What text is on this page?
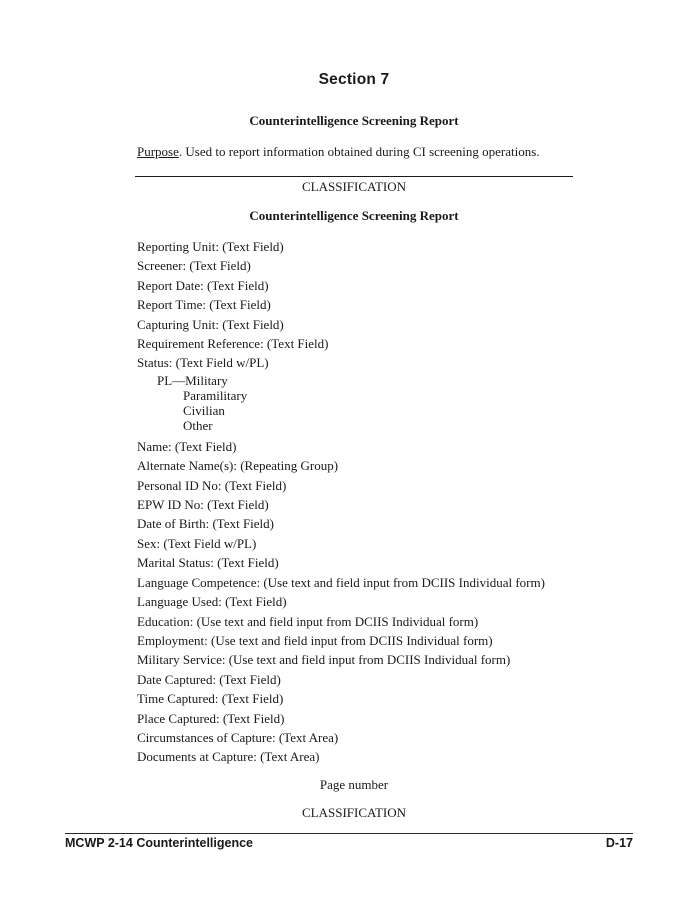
Section 7
Counterintelligence Screening Report

Purpose. Used to report information obtained during CI screening operations.

CLASSIFICATION
Counterintelligence Screening Report
Reporting Unit: (Text Field)
Screener: (Text Field)
Report Date: (Text Field)
Report Time: (Text Field)
Capturing Unit: (Text Field)
Requirement Reference: (Text Field)
Status: (Text Field w/PL)
PL—Military
Paramilitary
Civilian
Other
Name: (Text Field)
Alternate Name(s): (Repeating Group)
Personal ID No: (Text Field)
EPW ID No: (Text Field)
Date of Birth: (Text Field)
Sex: (Text Field w/PL)
Marital Status: (Text Field)
Language Competence: (Use text and field input from DCIIS Individual form)
Language Used: (Text Field)
Education: (Use text and field input from DCIIS Individual form)
Employment: (Use text and field input from DCIIS Individual form)
Military Service: (Use text and field input from DCIIS Individual form)
Date Captured: (Text Field)
Time Captured: (Text Field)
Place Captured: (Text Field)
Circumstances of Capture: (Text Area)
Documents at Capture: (Text Area)
Page number
CLASSIFICATION
MCWP 2-14 Counterintelligence	D-17
